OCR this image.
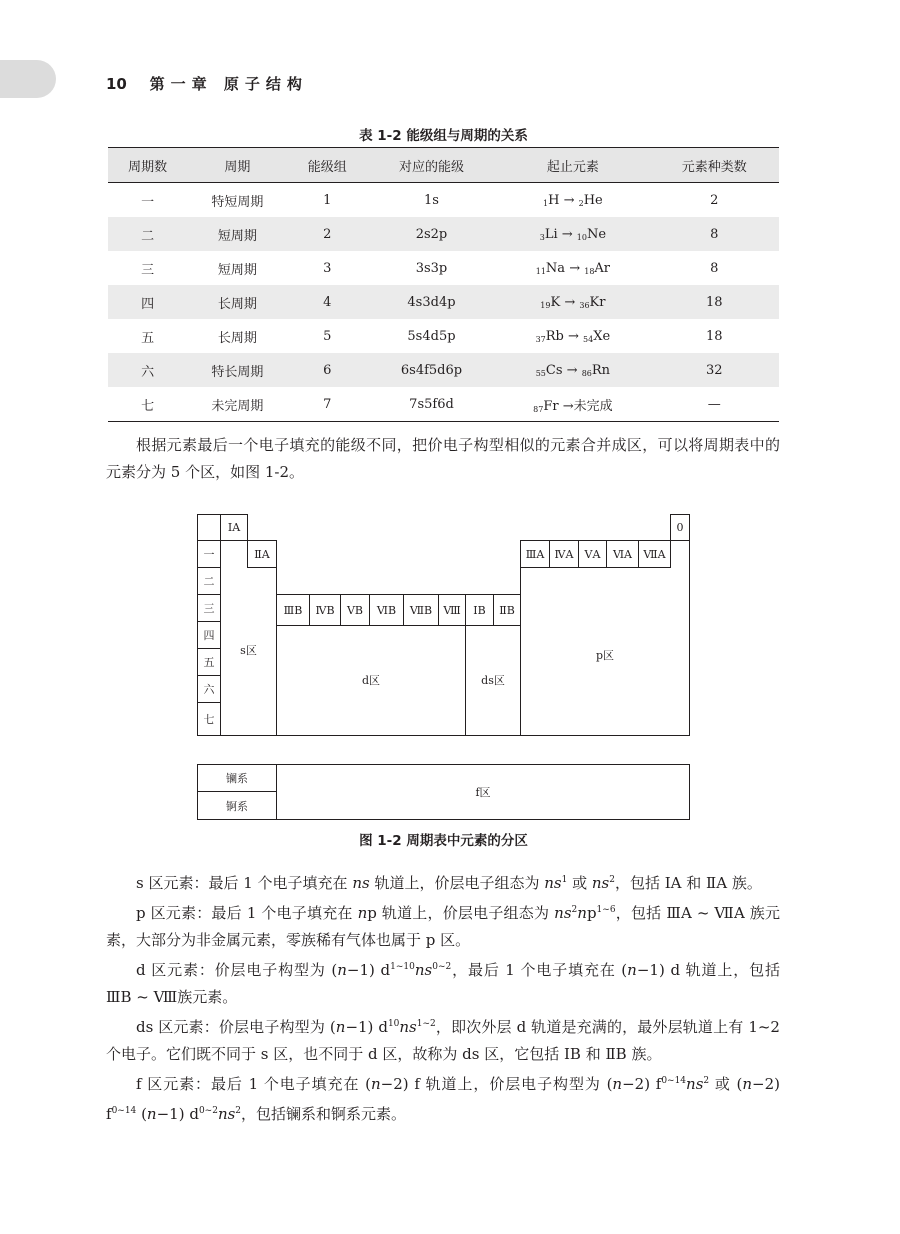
10 第一章 原子结构
表 1-2 能级组与周期的关系
周期数	周期	能级组	对应的能级	起止元素	元素种类数
一	特短周期	1	1s	$_1$H → $_2$He	2
二	短周期	2	2s2p	$_3$Li → $_{10}$Ne	8
三	短周期	3	3s3p	$_{11}$Na → $_{18}$Ar	8
四	长周期	4	4s3d4p	$_{19}$K → $_{36}$Kr	18
五	长周期	5	5s4d5p	$_{37}$Rb → $_{54}$Xe	18
六	特长周期	6	6s4f5d6p	$_{55}$Cs → $_{86}$Rn	32
七	未完周期	7	7s5f6d	$_{87}$Fr →未完成	—

根据元素最后一个电子填充的能级不同，把价电子构型相似的元素合并成区，可以将周期表中的元素分为 5 个区，如图 1-2。

一
二
三
四
五
六
七
ⅠA
ⅡA
s区
ⅢB	ⅣB	ⅤB	ⅥB	ⅦB	Ⅷ
d区
ⅠB	ⅡB
ds区
ⅢA ⅣA	ⅤA	ⅥA	ⅦA
0
p区
镧系
锕系
f区
图 1-2 周期表中元素的分区

s 区元素：最后 1 个电子填充在 ns 轨道上，价层电子组态为 $ns^1$ 或 $ns^2$，包括 ⅠA 和 ⅡA 族。

p 区元素：最后 1 个电子填充在 np 轨道上，价层电子组态为 $ns^2np^{1\sim 6}$，包括 ⅢA ~ ⅦA 族元素，大部分为非金属元素，零族稀有气体也属于 p 区。

d 区元素：价层电子构型为 (n−1) $d^{1\sim 10}ns^{0\sim 2}$，最后 1 个电子填充在 (n−1) d 轨道上，包括 ⅢB ~ Ⅷ族元素。

ds 区元素：价层电子构型为 (n−1) $d^{10}ns^{1\sim 2}$，即次外层 d 轨道是充满的，最外层轨道上有 1~2 个电子。它们既不同于 s 区，也不同于 d 区，故称为 ds 区，它包括 ⅠB 和 ⅡB 族。

f 区元素：最后 1 个电子填充在 (n−2) f 轨道上，价层电子构型为 (n−2) $f^{0\sim 14}ns^2$ 或 (n−2) $f^{0\sim 14}$ (n−1) $d^{0\sim 2}ns^2$，包括镧系和锕系元素。
